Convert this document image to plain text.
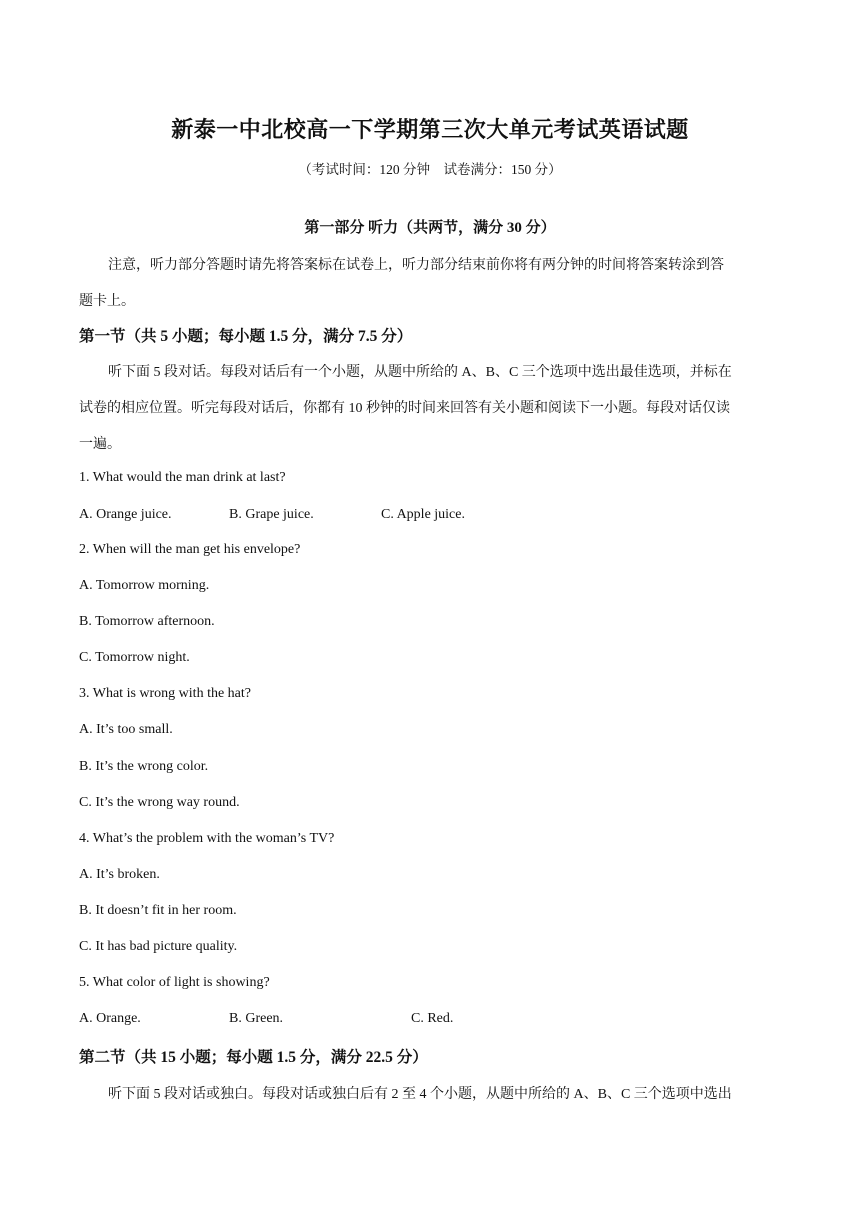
新泰一中北校高一下学期第三次大单元考试英语试题
（考试时间：120 分钟　试卷满分：150 分）
第一部分 听力（共两节，满分 30 分）
注意，听力部分答题时请先将答案标在试卷上，听力部分结束前你将有两分钟的时间将答案转涂到答
题卡上。
第一节（共 5 小题；每小题 1.5 分，满分 7.5 分）
听下面 5 段对话。每段对话后有一个小题，从题中所给的 A、B、C 三个选项中选出最佳选项，并标在
试卷的相应位置。听完每段对话后，你都有 10 秒钟的时间来回答有关小题和阅读下一小题。每段对话仅读
一遍。
1. What would the man drink at last?
A. Orange juice.	B. Grape juice.	C. Apple juice.
2. When will the man get his envelope?
A. Tomorrow morning.
B. Tomorrow afternoon.
C. Tomorrow night.
3. What is wrong with the hat?
A. It’s too small.
B. It’s the wrong color.
C. It’s the wrong way round.
4. What’s the problem with the woman’s TV?
A. It’s broken.
B. It doesn’t fit in her room.
C. It has bad picture quality.
5. What color of light is showing?
A. Orange.	B. Green.	C. Red.
第二节（共 15 小题；每小题 1.5 分，满分 22.5 分）
听下面 5 段对话或独白。每段对话或独白后有 2 至 4 个小题，从题中所给的 A、B、C 三个选项中选出
